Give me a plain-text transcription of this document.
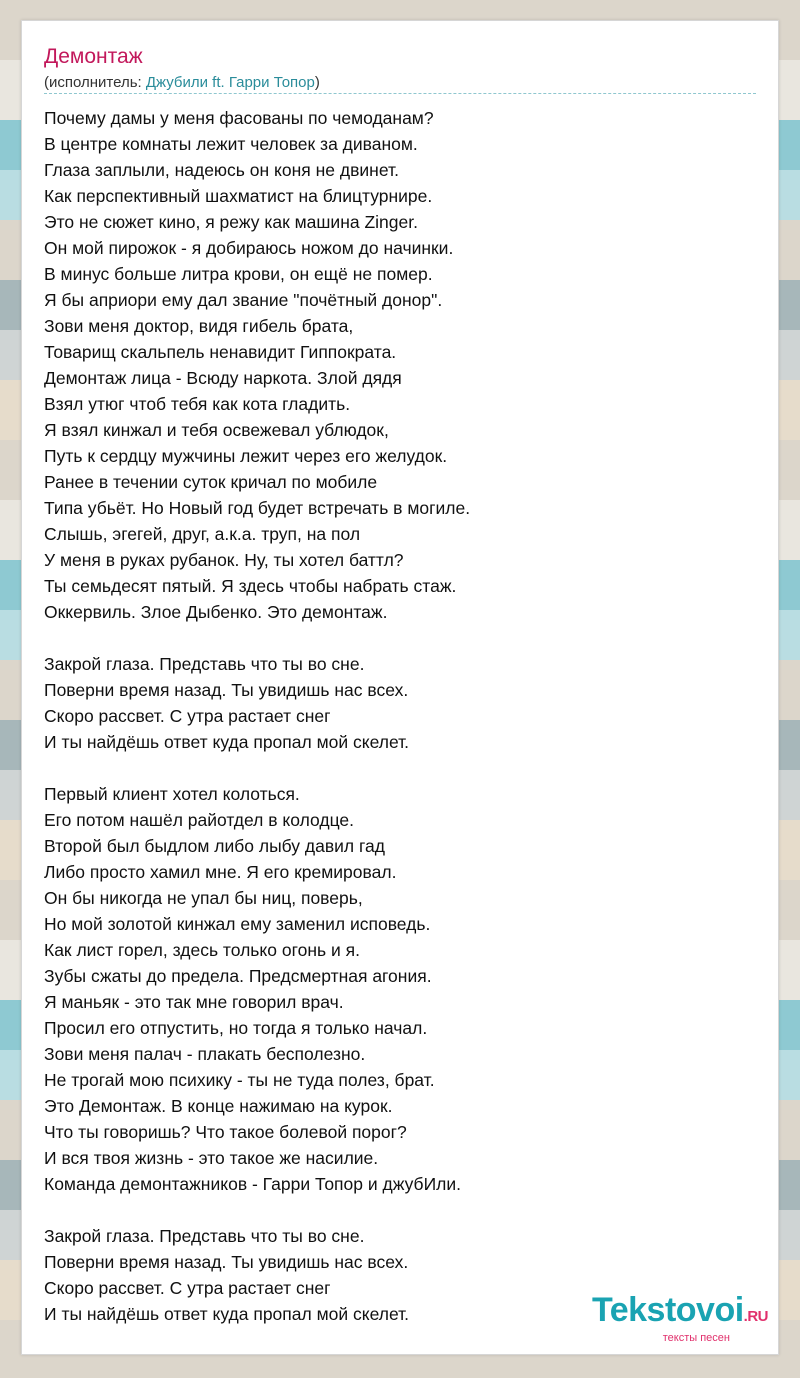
Демонтаж
(исполнитель: Джубили ft. Гарри Топор)
Почему дамы у меня фасованы по чемоданам?
В центре комнаты лежит человек за диваном.
Глаза заплыли, надеюсь он коня не двинет.
Как перспективный шахматист на блицтурнире.
Это не сюжет кино, я режу как машина Zinger.
Он мой пирожок - я добираюсь ножом до начинки.
В минус больше литра крови, он ещё не помер.
Я бы априори ему дал звание "почётный донор".
Зови меня доктор, видя гибель брата,
Товарищ скальпель ненавидит Гиппократа.
Демонтаж лица - Всюду наркота. Злой дядя
Взял утюг чтоб тебя как кота гладить.
Я взял кинжал и тебя освежевал ублюдок,
Путь к сердцу мужчины лежит через его желудок.
Ранее в течении суток кричал по мобиле
Типа убьёт. Но Новый год будет встречать в могиле.
Слышь, эгегей, друг, а.к.а. труп, на пол
У меня в руках рубанок. Ну, ты хотел баттл?
Ты семьдесят пятый. Я здесь чтобы набрать стаж.
Оккервиль. Злое Дыбенко. Это демонтаж.
Закрой глаза. Представь что ты во сне.
Поверни время назад. Ты увидишь нас всех.
Скоро рассвет. С утра растает снег
И ты найдёшь ответ куда пропал мой скелет.
Первый клиент хотел колоться.
Его потом нашёл райотдел в колодце.
Второй был быдлом либо лыбу давил гад
Либо просто хамил мне. Я его кремировал.
Он бы никогда не упал бы ниц, поверь,
Но мой золотой кинжал ему заменил исповедь.
Как лист горел, здесь только огонь и я.
Зубы сжаты до предела. Предсмертная агония.
Я маньяк - это так мне говорил врач.
Просил его отпустить, но тогда я только начал.
Зови меня палач - плакать бесполезно.
Не трогай мою психику - ты не туда полез, брат.
Это Демонтаж. В конце нажимаю на курок.
Что ты говоришь? Что такое болевой порог?
И вся твоя жизнь - это такое же насилие.
Команда демонтажников - Гарри Топор и джубИли.
Закрой глаза. Представь что ты во сне.
Поверни время назад. Ты увидишь нас всех.
Скоро рассвет. С утра растает снег
И ты найдёшь ответ куда пропал мой скелет.	Tekstovoi.RU
тексты песен
